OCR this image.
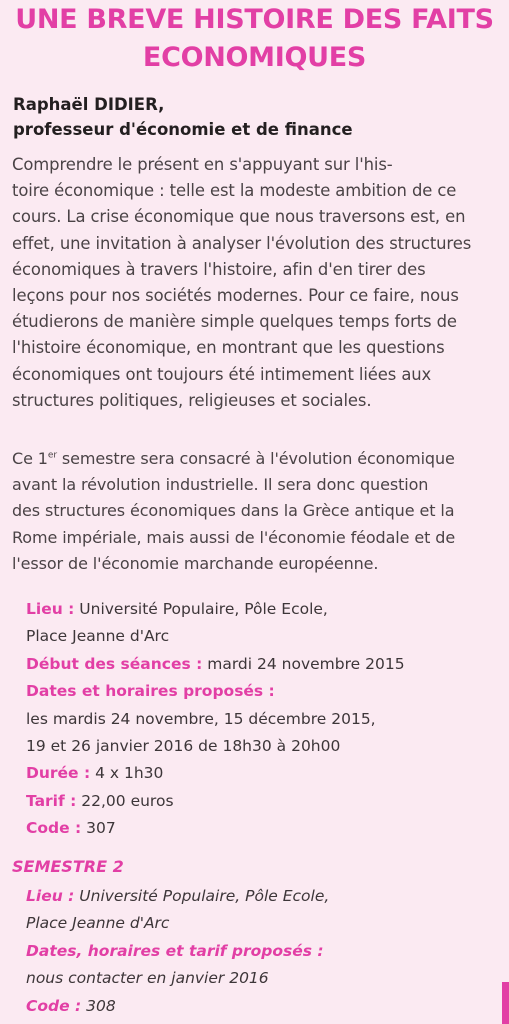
UNE BREVE HISTOIRE DES FAITS
ECONOMIQUES

Raphaël DIDIER,

professeur d'économie et de finance

Comprendre le présent en s'appuyant sur l'his-
toire économique : telle est la modeste ambition de ce
cours. La crise économique que nous traversons est, en
effet, une invitation à analyser l'évolution des structures
économiques à travers l'histoire, afin d'en tirer des
leçons pour nos sociétés modernes. Pour ce faire, nous
étudierons de manière simple quelques temps forts de
l'histoire économique, en montrant que les questions
économiques ont toujours été intimement liées aux
structures politiques, religieuses et sociales.

Ce 1er semestre sera consacré à l'évolution économique
avant la révolution industrielle. Il sera donc question
des structures économiques dans la Grèce antique et la
Rome impériale, mais aussi de l'économie féodale et de
l'essor de l'économie marchande européenne.

Lieu : Université Populaire, Pôle Ecole,
Place Jeanne d'Arc
Début des séances : mardi 24 novembre 2015
Dates et horaires proposés :
les mardis 24 novembre, 15 décembre 2015,
19 et 26 janvier 2016 de 18h30 à 20h00
Durée : 4 x 1h30
Tarif : 22,00 euros
Code : 307

SEMESTRE 2

Lieu : Université Populaire, Pôle Ecole,
Place Jeanne d'Arc
Dates, horaires et tarif proposés :
nous contacter en janvier 2016
Code : 308
